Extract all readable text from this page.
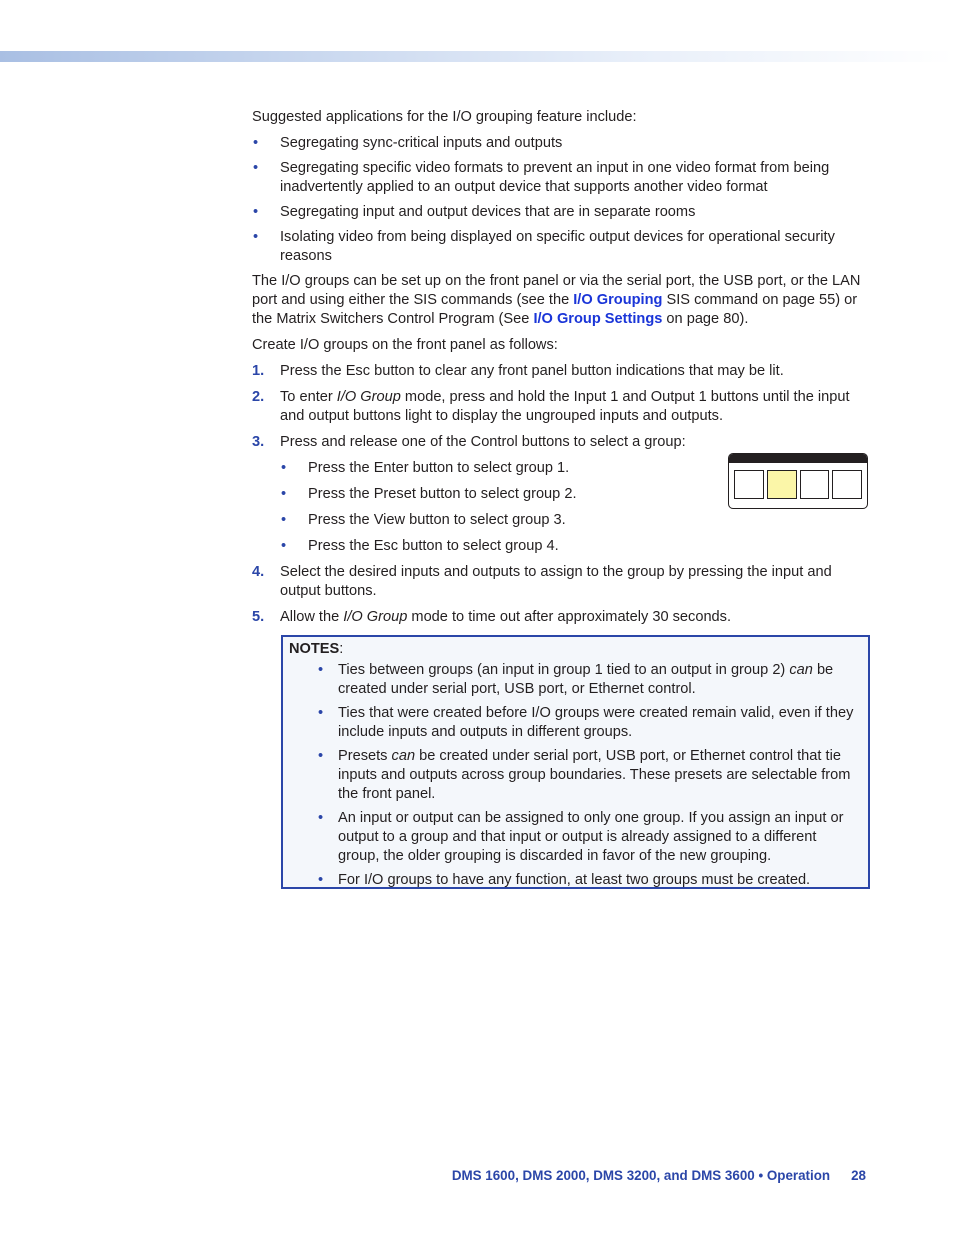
Suggested applications for the I/O grouping feature include:

• Segregating sync-critical inputs and outputs
• Segregating specific video formats to prevent an input in one video format from being inadvertently applied to an output device that supports another video format
• Segregating input and output devices that are in separate rooms
• Isolating video from being displayed on specific output devices for operational security reasons

The I/O groups can be set up on the front panel or via the serial port, the USB port, or the LAN port and using either the SIS commands (see the I/O Grouping SIS command on page 55) or the Matrix Switchers Control Program (See I/O Group Settings on page 80).

Create I/O groups on the front panel as follows:

1. Press the Esc button to clear any front panel button indications that may be lit.
2. To enter I/O Group mode, press and hold the Input 1 and Output 1 buttons until the input and output buttons light to display the ungrouped inputs and outputs.
3. Press and release one of the Control buttons to select a group:
• Press the Enter button to select group 1.
• Press the Preset button to select group 2.
• Press the View button to select group 3.
• Press the Esc button to select group 4.
4. Select the desired inputs and outputs to assign to the group by pressing the input and output buttons.
5. Allow the I/O Group mode to time out after approximately 30 seconds.
NOTES:
• Ties between groups (an input in group 1 tied to an output in group 2) can be created under serial port, USB port, or Ethernet control.
• Ties that were created before I/O groups were created remain valid, even if they include inputs and outputs in different groups.
• Presets can be created under serial port, USB port, or Ethernet control that tie inputs and outputs across group boundaries. These presets are selectable from the front panel.
• An input or output can be assigned to only one group. If you assign an input or output to a group and that input or output is already assigned to a different group, the older grouping is discarded in favor of the new grouping.
• For I/O groups to have any function, at least two groups must be created.
DMS 1600, DMS 2000, DMS 3200, and DMS 3600 • Operation 28
